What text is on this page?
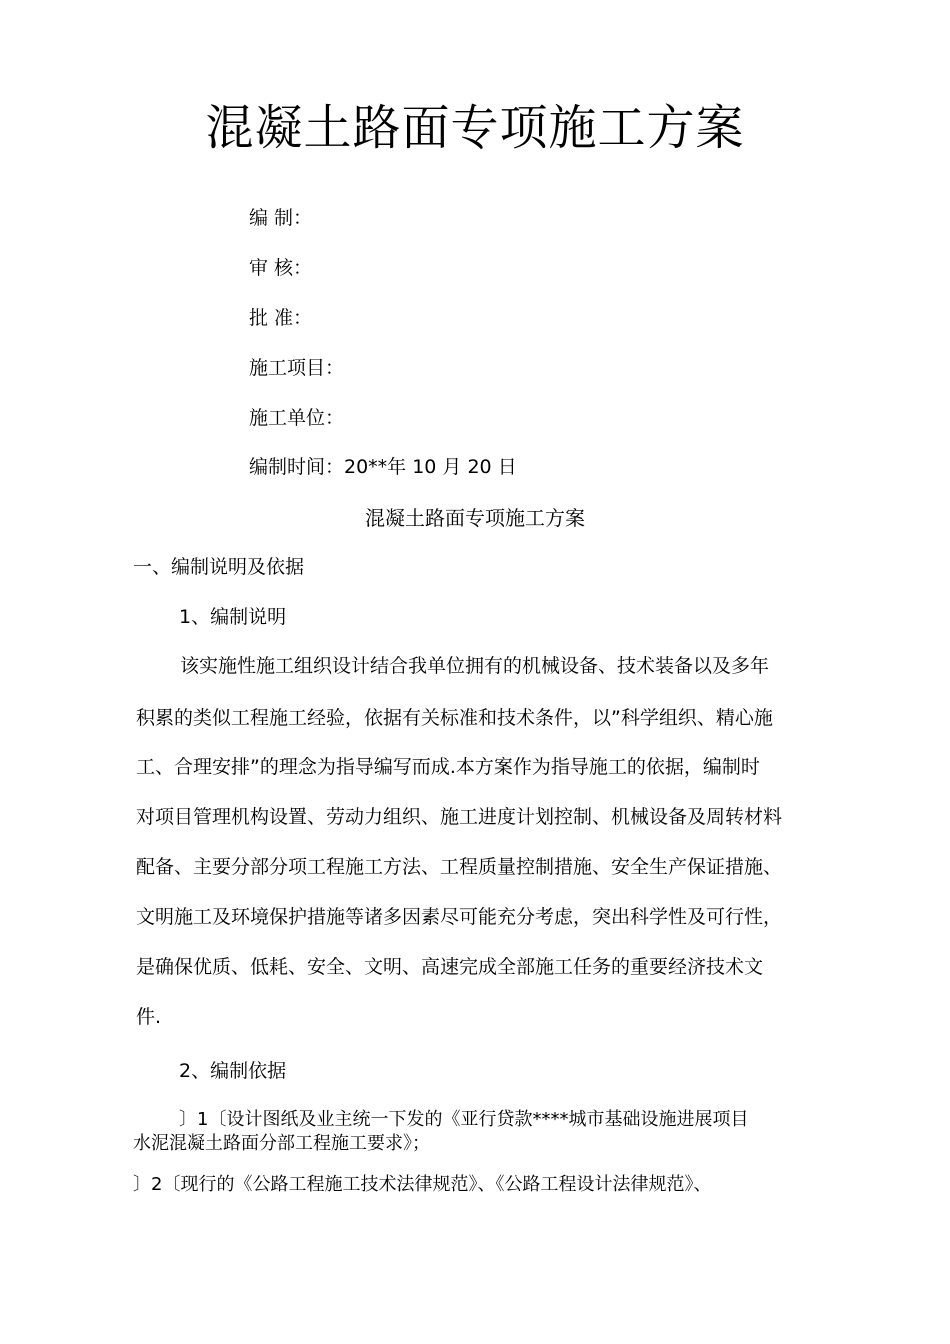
混凝土路面专项施工方案
编 制：
审 核：
批 准：
施工项目：
施工单位：
编制时间：20**年 10 月 20 日
混凝土路面专项施工方案
一、编制说明及依据
1、编制说明
该实施性施工组织设计结合我单位拥有的机械设备、技术装备以及多年
积累的类似工程施工经验，依据有关标准和技术条件，以”科学组织、精心施
工、合理安排”的理念为指导编写而成.本方案作为指导施工的依据，编制时
对项目管理机构设置、劳动力组织、施工进度计划控制、机械设备及周转材料
配备、主要分部分项工程施工方法、工程质量控制措施、安全生产保证措施、
文明施工及环境保护措施等诸多因素尽可能充分考虑，突出科学性及可行性，
是确保优质、低耗、安全、文明、高速完成全部施工任务的重要经济技术文
件.
2、编制依据
〕1〔设计图纸及业主统一下发的《亚行贷款****城市基础设施进展项目
水泥混凝土路面分部工程施工要求》；
〕2〔现行的《公路工程施工技术法律规范》、《公路工程设计法律规范》、
